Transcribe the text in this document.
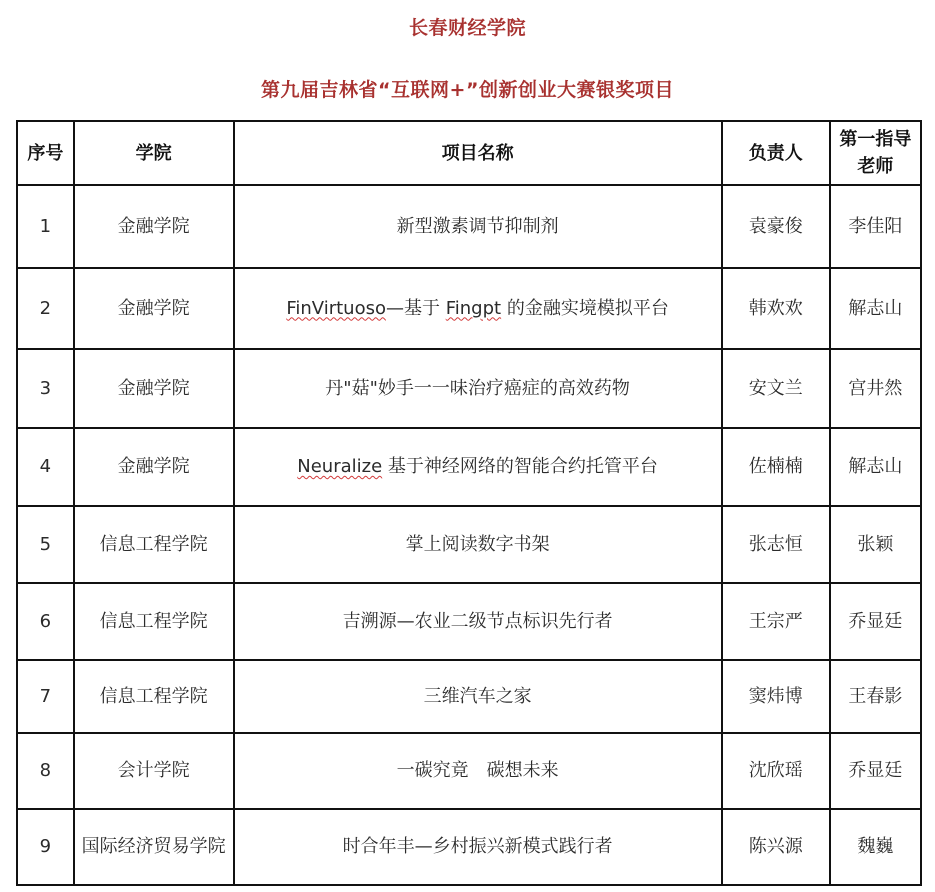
长春财经学院
第九届吉林省“互联网+”创新创业大赛银奖项目
序号	学院	项目名称	负责人	第一指导老师
1	金融学院	新型激素调节抑制剂	袁豪俊	李佳阳
2	金融学院	FinVirtuoso—基于 Fingpt 的金融实境模拟平台	韩欢欢	解志山
3	金融学院	丹"菇"妙手一一味治疗癌症的高效药物	安文兰	宫井然
4	金融学院	Neuralize 基于神经网络的智能合约托管平台	佐楠楠	解志山
5	信息工程学院	掌上阅读数字书架	张志恒	张颖
6	信息工程学院	吉溯源—农业二级节点标识先行者	王宗严	乔显廷
7	信息工程学院	三维汽车之家	窦炜博	王春影
8	会计学院	一碳究竟　碳想未来	沈欣瑶	乔显廷
9	国际经济贸易学院	时合年丰—乡村振兴新模式践行者	陈兴源	魏巍
